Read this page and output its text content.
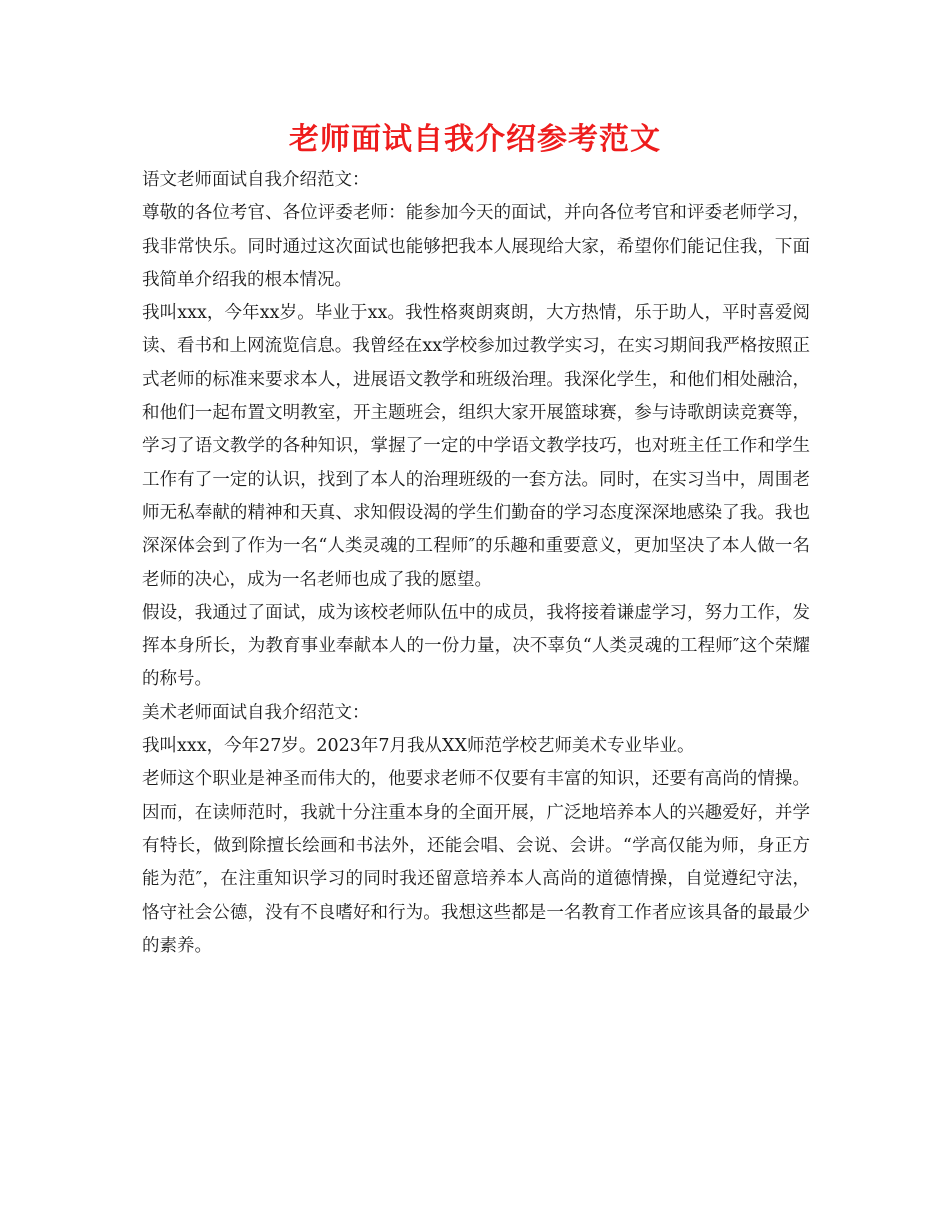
老师面试自我介绍参考范文

语文老师面试自我介绍范文：

尊敬的各位考官、各位评委老师：能参加今天的面试，并向各位考官和评委老师学习，我非常快乐。同时通过这次面试也能够把我本人展现给大家，希望你们能记住我，下面我简单介绍我的根本情况。

我叫xxx，今年xx岁。毕业于xx。我性格爽朗爽朗，大方热情，乐于助人，平时喜爱阅读、看书和上网流览信息。我曾经在xx学校参加过教学实习，在实习期间我严格按照正式老师的标准来要求本人，进展语文教学和班级治理。我深化学生，和他们相处融洽，和他们一起布置文明教室，开主题班会，组织大家开展篮球赛，参与诗歌朗读竞赛等，学习了语文教学的各种知识，掌握了一定的中学语文教学技巧，也对班主任工作和学生工作有了一定的认识，找到了本人的治理班级的一套方法。同时，在实习当中，周围老师无私奉献的精神和天真、求知假设渴的学生们勤奋的学习态度深深地感染了我。我也深深体会到了作为一名“人类灵魂的工程师″的乐趣和重要意义，更加坚决了本人做一名老师的决心，成为一名老师也成了我的愿望。

假设，我通过了面试，成为该校老师队伍中的成员，我将接着谦虚学习，努力工作，发挥本身所长，为教育事业奉献本人的一份力量，决不辜负“人类灵魂的工程师″这个荣耀的称号。

美术老师面试自我介绍范文：

我叫xxx，今年27岁。2023年7月我从XX师范学校艺师美术专业毕业。

老师这个职业是神圣而伟大的，他要求老师不仅要有丰富的知识，还要有高尚的情操。因而，在读师范时，我就十分注重本身的全面开展，广泛地培养本人的兴趣爱好，并学有特长，做到除擅长绘画和书法外，还能会唱、会说、会讲。“学高仅能为师，身正方能为范″，在注重知识学习的同时我还留意培养本人高尚的道德情操，自觉遵纪守法，恪守社会公德，没有不良嗜好和行为。我想这些都是一名教育工作者应该具备的最最少的素养。
